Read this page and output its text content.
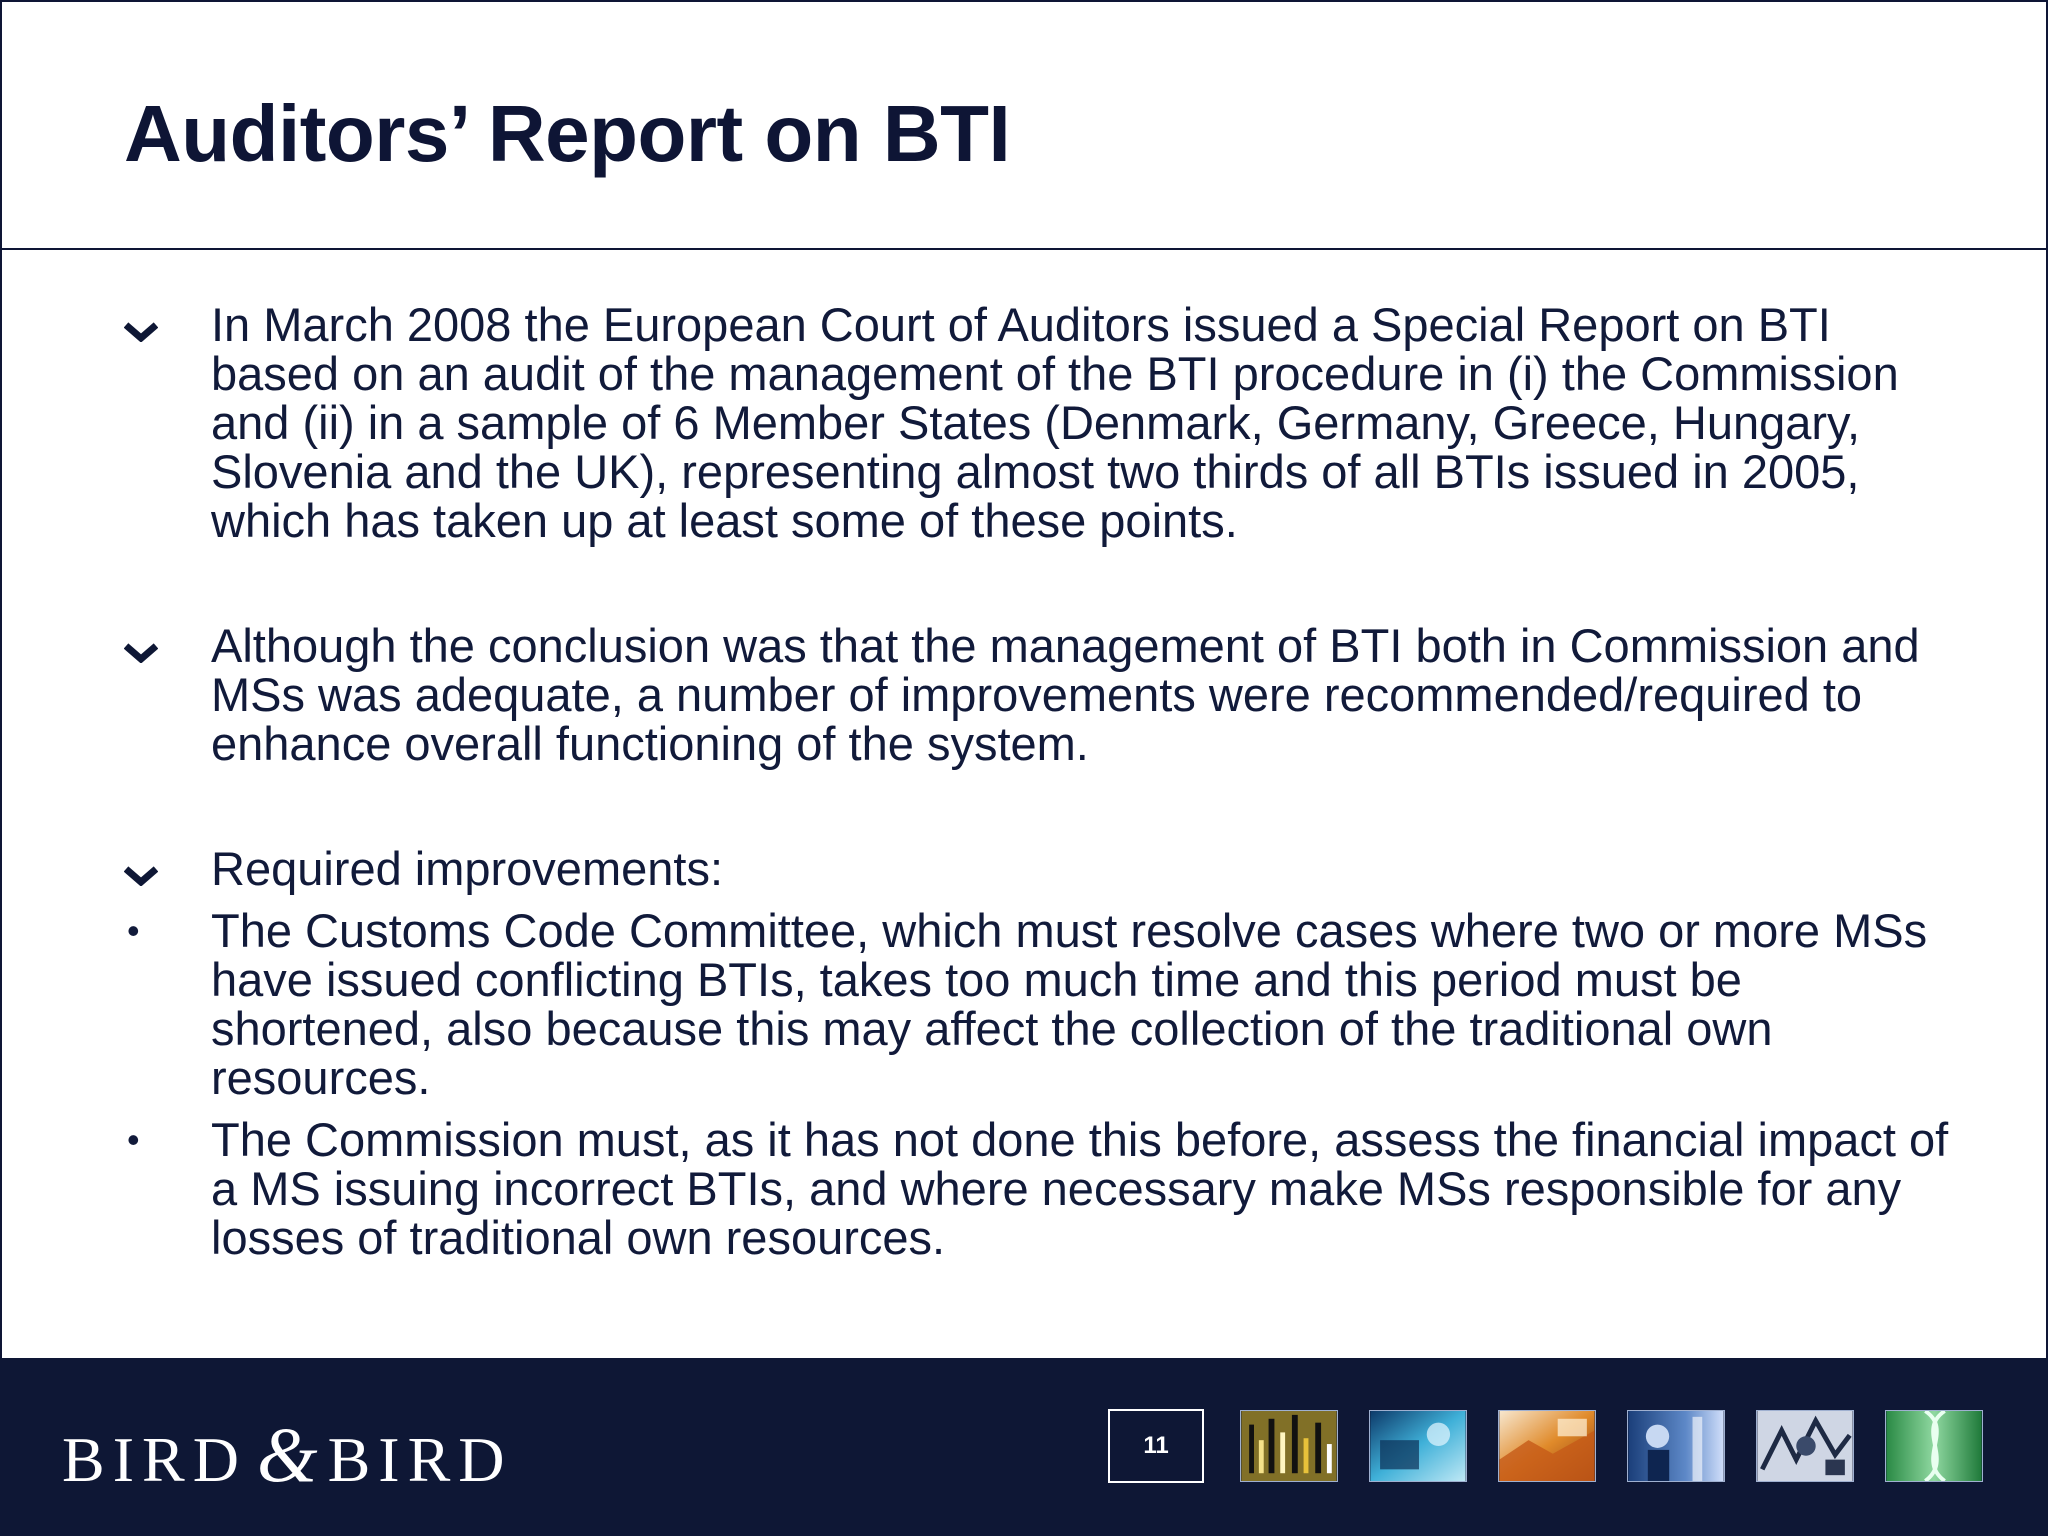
Auditors’ Report on BTI
In March 2008 the European Court of Auditors issued a Special Report on BTI based on an audit of the management of the BTI procedure in (i) the Commission and (ii) in a sample of 6 Member States (Denmark, Germany, Greece, Hungary, Slovenia and the UK), representing almost two thirds of all BTIs issued in 2005, which has taken up at least some of these points.
Although the conclusion was that the management of BTI both in Commission and MSs was adequate, a number of improvements were recommended/required to enhance overall functioning of the system.
Required improvements:
• The Customs Code Committee, which must resolve cases where two or more MSs have issued conflicting BTIs, takes too much time and this period must be shortened, also because this may affect the collection of the traditional own resources.
• The Commission must, as it has not done this before, assess the financial impact of a MS issuing incorrect BTIs, and where necessary make MSs responsible for any losses of traditional own resources.
BIRD & BIRD	11
